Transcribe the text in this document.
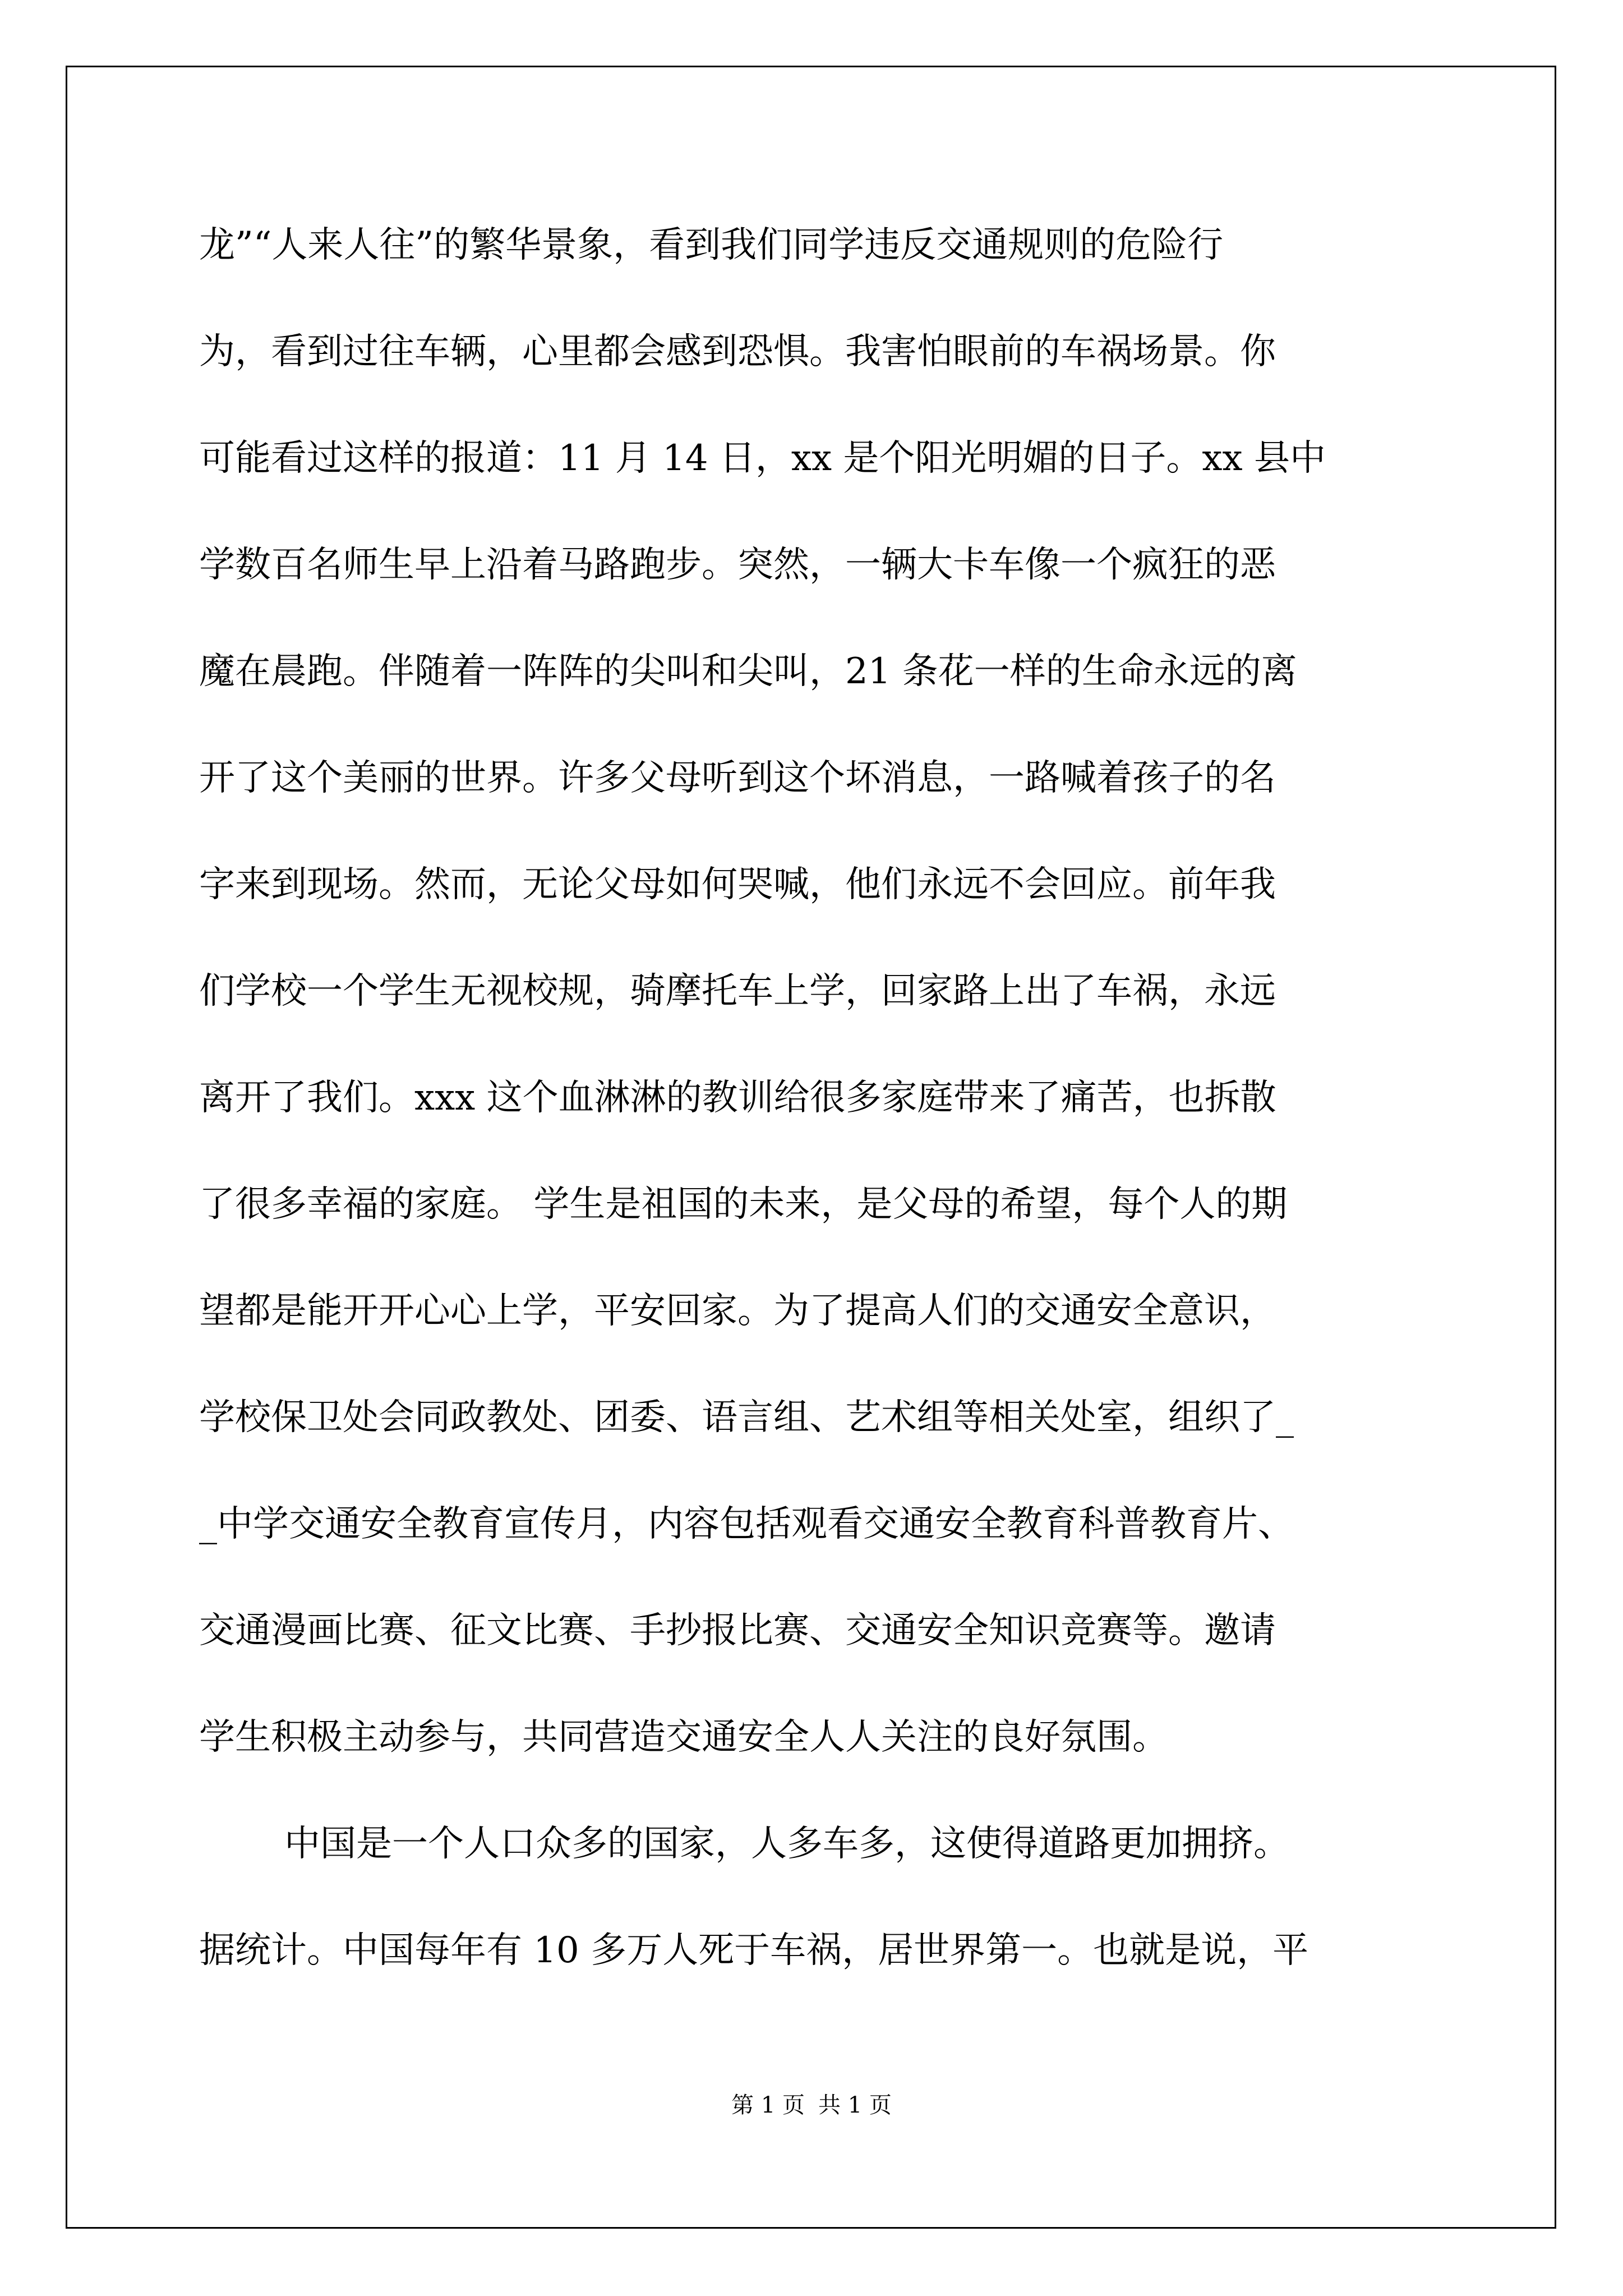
龙”“人来人往”的繁华景象，看到我们同学违反交通规则的危险行
为，看到过往车辆，心里都会感到恐惧。我害怕眼前的车祸场景。你
可能看过这样的报道：11 月 14 日，xx 是个阳光明媚的日子。xx 县中
学数百名师生早上沿着马路跑步。突然，一辆大卡车像一个疯狂的恶
魔在晨跑。伴随着一阵阵的尖叫和尖叫，21 条花一样的生命永远的离
开了这个美丽的世界。许多父母听到这个坏消息，一路喊着孩子的名
字来到现场。然而，无论父母如何哭喊，他们永远不会回应。前年我
们学校一个学生无视校规，骑摩托车上学，回家路上出了车祸，永远
离开了我们。xxx 这个血淋淋的教训给很多家庭带来了痛苦，也拆散
了很多幸福的家庭。 学生是祖国的未来，是父母的希望，每个人的期
望都是能开开心心上学，平安回家。为了提高人们的交通安全意识，
学校保卫处会同政教处、团委、语言组、艺术组等相关处室，组织了_
_中学交通安全教育宣传月，内容包括观看交通安全教育科普教育片、
交通漫画比赛、征文比赛、手抄报比赛、交通安全知识竞赛等。邀请
学生积极主动参与，共同营造交通安全人人关注的良好氛围。
中国是一个人口众多的国家，人多车多，这使得道路更加拥挤。
据统计。中国每年有 10 多万人死于车祸，居世界第一。也就是说，平
第 1 页 共 1 页
